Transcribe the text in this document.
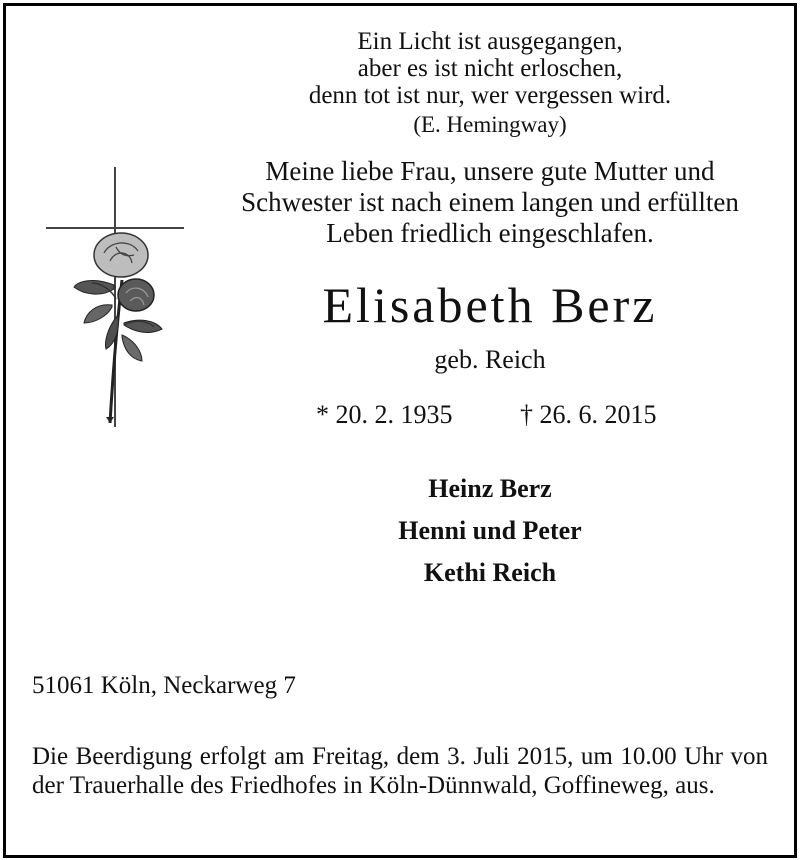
Ein Licht ist ausgegangen,
aber es ist nicht erloschen,
denn tot ist nur, wer vergessen wird.
(E. Hemingway)
Meine liebe Frau, unsere gute Mutter und
Schwester ist nach einem langen und erfüllten
Leben friedlich eingeschlafen.
Elisabeth Berz
geb. Reich
* 20. 2. 1935	† 26. 6. 2015
Heinz Berz
Henni und Peter
Kethi Reich
51061 Köln, Neckarweg 7
Die Beerdigung erfolgt am Freitag, dem 3. Juli 2015, um 10.00 Uhr von der Trauerhalle des Friedhofes in Köln-Dünnwald, Goffineweg, aus.
